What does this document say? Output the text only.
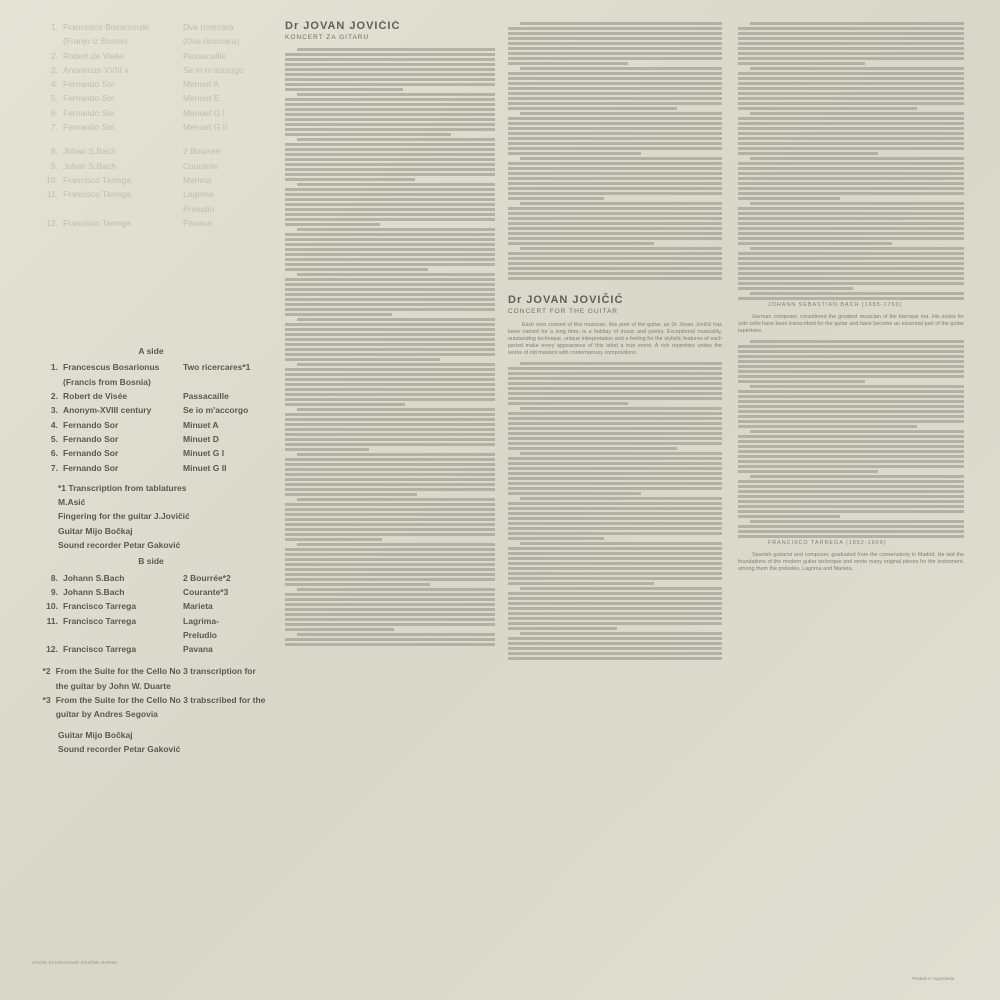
1. Francesco Bosarionski	Dva ricercara
(Franjo iz Bosne)	(Dva ricercara)
2. Robert de Visée	Passacaille
3. Anonimus-XVIII v.	Se io m'accorgo
4. Fernando Sor	Menuet A
5. Fernando Sor	Menuet E
6. Fernando Sor	Menuet G I
7. Fernando Sor	Menuet G II
8. Johan S.Bach	2 Bourree
9. Johan S.Bach	Courante
10. Francisco Tarrega	Marieta
11. Francisco Tarrega	Lagrima
Preludio
12. Francisco Tarrega	Pavana
A side
1. Francescus Bosarionus	Two ricercares*1
(Francis from Bosnia)
2. Robert de Visée	Passacaille
3. Anonym-XVIII century	Se io m'accorgo
4. Fernando Sor	Minuet A
5. Fernando Sor	Minuet D
6. Fernando Sor	Minuet G I
7. Fernando Sor	Minuet G II
*1 Transcription from tablatures
M.Asić
Fingering for the guitar J.Jovičić
Guitar Mijo Bočkaj
Sound recorder Petar Gaković
B side
8. Johann S.Bach	2 Bourrée*2
9. Johann S.Bach	Courante*3
10. Francisco Tarrega	Marieta
11. Francisco Tarrega	Lagrima-
Preludio
12. Francisco Tarrega	Pavana
*2 From the Suite for the Cello No 3 transcription for the guitar by John W. Duarte
*3 From the Suite for the Cello No 3 trabscribed for the guitar by Andres Segovia
Guitar Mijo Bočkaj
Sound recorder Petar Gaković
Dr JOVAN JOVIČIĆ
KONCERT ZA GITARU
Dr JOVAN JOVIČIĆ
CONCERT FOR THE GUITAR

Each new concert of this musician, this poet of the guitar, as Dr Jovan Jovičić has been named for a long time, is a holiday of music and poetry. Exceptional musicality, outstanding technique, unique interpretation and a feeling for the stylistic features of each period make every appearance of this artist a true event. A rich repertoire unites the works of old masters with contemporary compositions.

JOHANN SEBASTIAN BACH (1685-1750)

German composer, considered the greatest musician of the baroque era. His suites for solo cello have been transcribed for the guitar and have become an essential part of the guitar repertoire.

FRANCISCO TARREGA (1852-1909)

Spanish guitarist and composer, graduated from the conservatory in Madrid. He laid the foundations of the modern guitar technique and wrote many original pieces for the instrument, among them the preludes, Lagrima and Marieta.

ZAVOD ZA IZDAVANJE ZVUČNIH ZAPISA
Printed in Yugoslavia
